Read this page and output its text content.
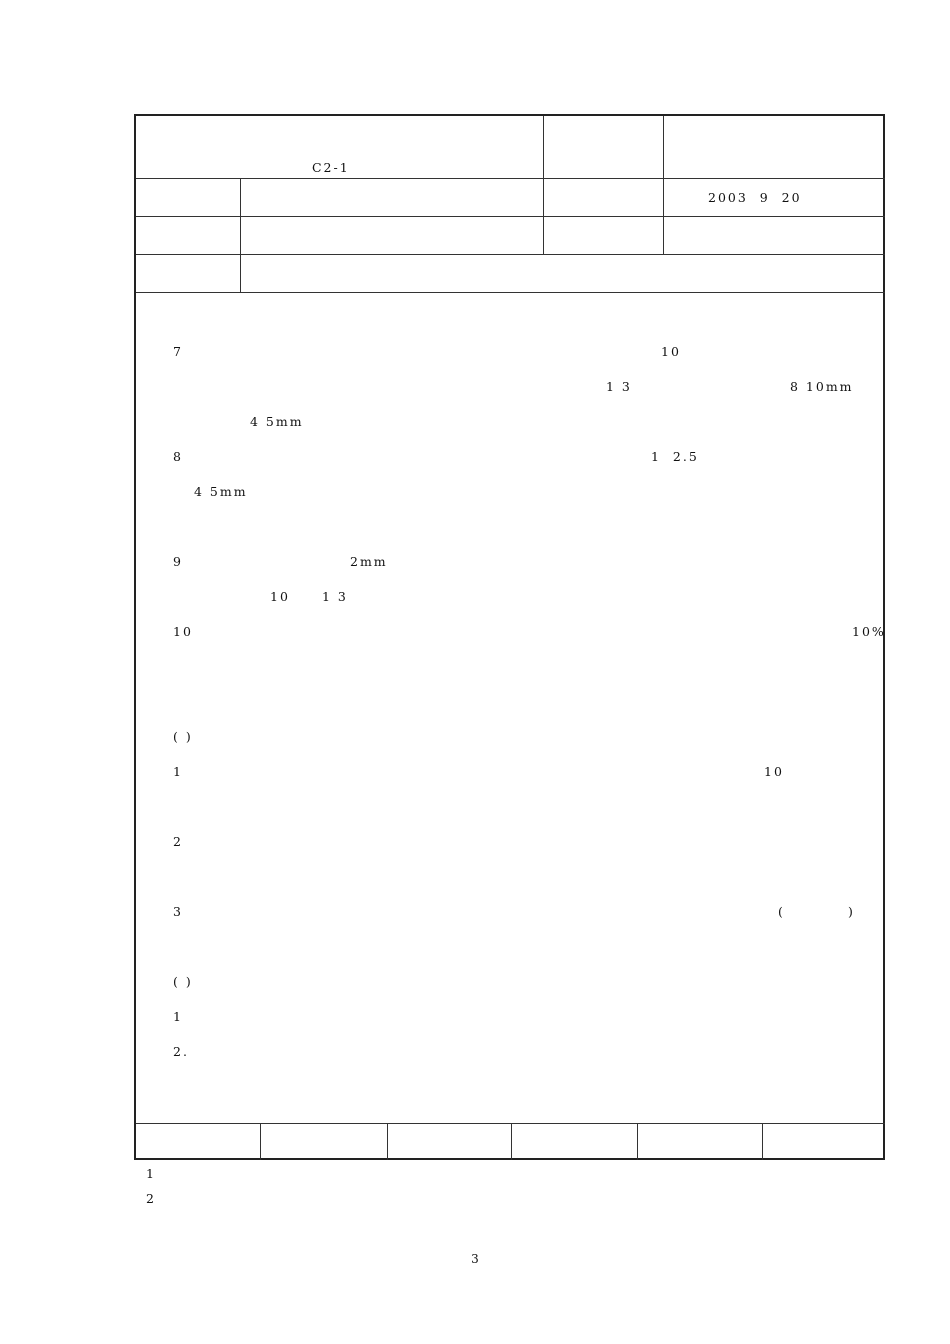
C2-1

2003  9  20
7	10
1 3	8 10mm
4 5mm
8	1  2.5
4 5mm
9	2mm
10	1 3
10	10%
( )
1	10
2
3	(	)
( )
1
2.
1
2
3
